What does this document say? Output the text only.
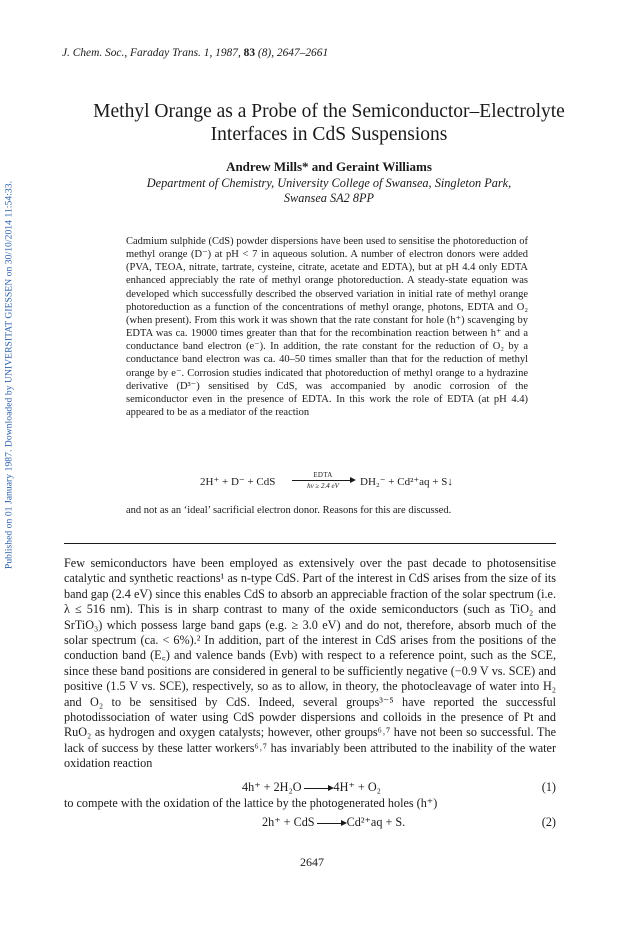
Published on 01 January 1987. Downloaded by UNIVERSITAT GIESSEN on 30/10/2014 11:54:33.
J. Chem. Soc., Faraday Trans. 1, 1987, 83 (8), 2647–2661
Methyl Orange as a Probe of the Semiconductor–Electrolyte
Interfaces in CdS Suspensions
Andrew Mills* and Geraint Williams
Department of Chemistry, University College of Swansea, Singleton Park,
Swansea SA2 8PP

Cadmium sulphide (CdS) powder dispersions have been used to sensitise the photoreduction of methyl orange (D⁻) at pH < 7 in aqueous solution. A number of electron donors were added (PVA, TEOA, nitrate, tartrate, cysteine, citrate, acetate and EDTA), but at pH 4.4 only EDTA enhanced appreciably the rate of methyl orange photoreduction. A steady-state equation was developed which successfully described the observed variation in initial rate of methyl orange photoreduction as a function of the concentrations of methyl orange, photons, EDTA and O₂ (when present). From this work it was shown that the rate constant for hole (h⁺) scavenging by EDTA was ca. 19000 times greater than that for the recombination reaction between h⁺ and a conductance band electron (e⁻). In addition, the rate constant for the reduction of O₂ by a conductance band electron was ca. 40–50 times smaller than that for the reduction of methyl orange by e⁻. Corrosion studies indicated that photoreduction of methyl orange to a hydrazine derivative (D³⁻) sensitised by CdS, was accompanied by anodic corrosion of the semiconductor even in the presence of EDTA. In this work the role of EDTA (at pH 4.4) appeared to be as a mediator of the reaction

2H⁺ + D⁻ + CdS
EDTA
hν ≥ 2.4 eV	DH₂⁻ + Cd²⁺aq + S↓

and not as an ‘ideal’ sacrificial electron donor. Reasons for this are discussed.

Few semiconductors have been employed as extensively over the past decade to photosensitise catalytic and synthetic reactions¹ as n-type CdS. Part of the interest in CdS arises from the size of its band gap (2.4 eV) since this enables CdS to absorb an appreciable fraction of the solar spectrum (i.e. λ ≤ 516 nm). This is in sharp contrast to many of the oxide semiconductors (such as TiO₂ and SrTiO₃) which possess large band gaps (e.g. ≥ 3.0 eV) and do not, therefore, absorb much of the solar spectrum (ca. < 6%).² In addition, part of the interest in CdS arises from the positions of the conduction band (E꜀) and valence bands (Evb) with respect to a reference point, such as the SCE, since these band positions are considered in general to be sufficiently negative (−0.9 V vs. SCE) and positive (1.5 V vs. SCE), respectively, so as to allow, in theory, the photocleavage of water into H₂ and O₂ to be sensitised by CdS. Indeed, several groups³⁻⁵ have reported the successful photodissociation of water using CdS powder dispersions and colloids in the presence of Pt and RuO₂ as hydrogen and oxygen catalysts; however, other groups⁶˒⁷ have not been so successful. The lack of success by these latter workers⁶˒⁷ has invariably been attributed to the inability of the water oxidation reaction

4h⁺ + 2H₂O	4H⁺ + O₂	(1)
to compete with the oxidation of the lattice by the photogenerated holes (h⁺)
2h⁺ + CdS	Cd²⁺aq + S.	(2)
2647
